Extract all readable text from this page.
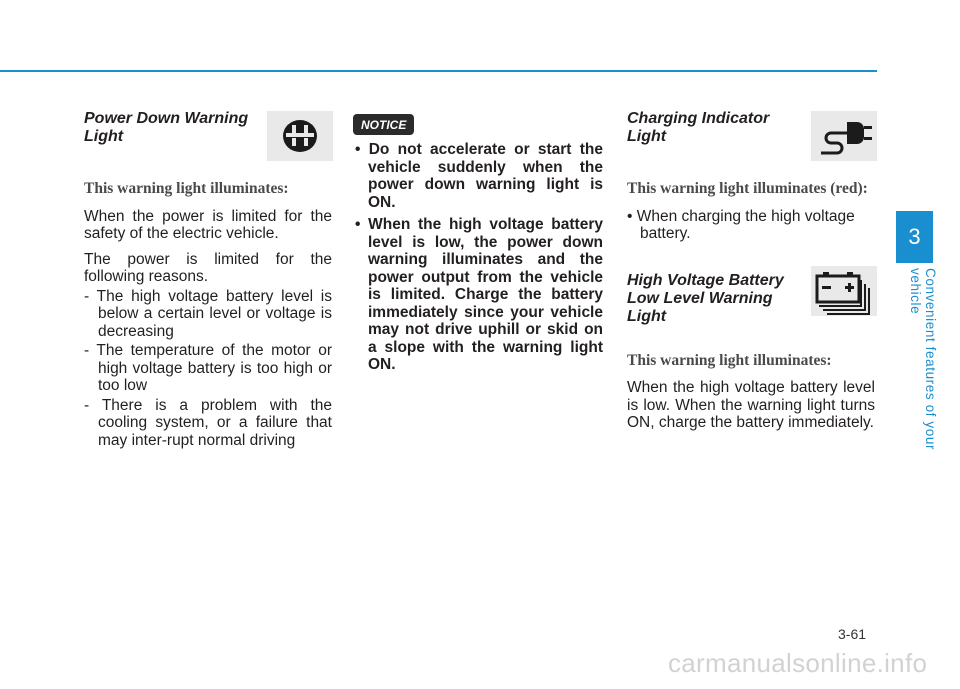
Power Down Warning Light

This warning light illuminates:

When the power is limited for the safety of the electric vehicle.

The power is limited for the following reasons.

- The high voltage battery level is below a certain level or voltage is decreasing

- The temperature of the motor or high voltage battery is too high or too low

- There is a problem with the cooling system, or a failure that may inter-rupt normal driving

NOTICE

• Do not accelerate or start the vehicle suddenly when the power down warning light is ON.

• When the high voltage battery level is low, the power down warning illuminates and the power output from the vehicle is limited. Charge the battery immediately since your vehicle may not drive uphill or skid on a slope with the warning light ON.

Charging Indicator Light

This warning light illuminates (red):

• When charging the high voltage battery.

High Voltage Battery Low Level Warning Light

This warning light illuminates:

When the high voltage battery level is low. When the warning light turns ON, charge the battery immediately.

3
Convenient features of your vehicle
3-61
carmanualsonline.info
